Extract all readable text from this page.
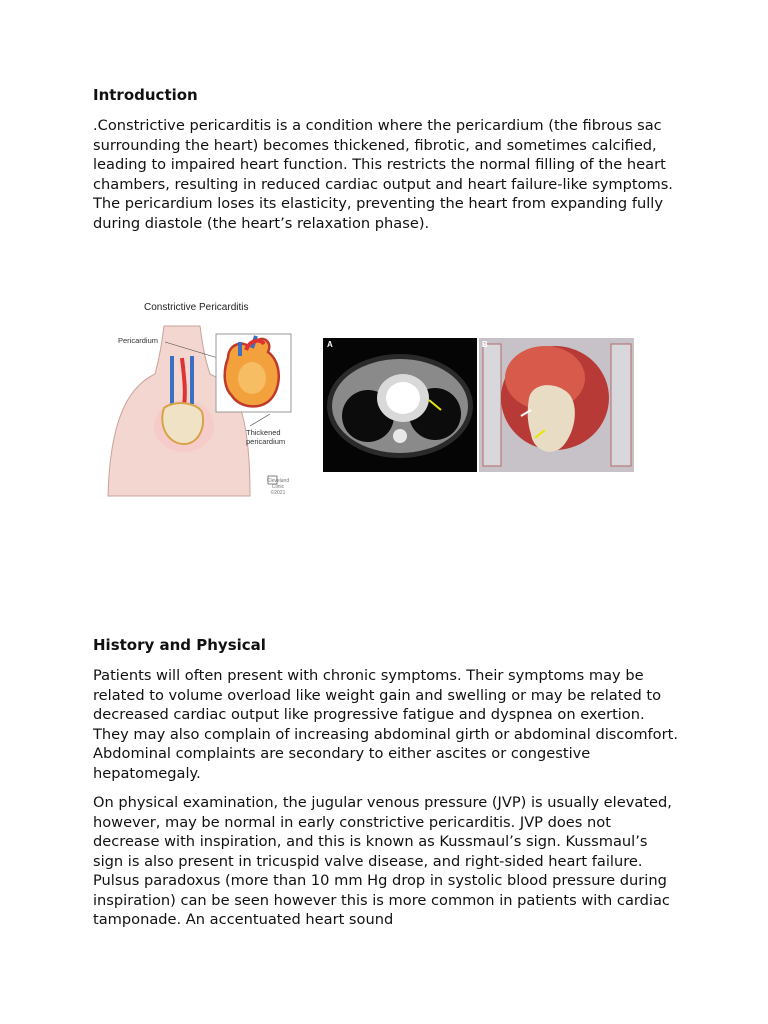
Introduction

.Constrictive pericarditis is a condition where the pericardium (the fibrous sac surrounding the heart) becomes thickened, fibrotic, and sometimes calcified, leading to impaired heart function. This restricts the normal filling of the heart chambers, resulting in reduced cardiac output and heart failure-like symptoms. The pericardium loses its elasticity, preventing the heart from expanding fully during diastole (the heart’s relaxation phase).

Constrictive Pericarditis
Pericardium
Thickened
pericardium
Cleveland
Clinic
©2021
A	B
History and Physical

Patients will often present with chronic symptoms. Their symptoms may be related to volume overload like weight gain and swelling or may be related to decreased cardiac output like progressive fatigue and dyspnea on exertion. They may also complain of increasing abdominal girth or abdominal discomfort. Abdominal complaints are secondary to either ascites or congestive hepatomegaly.

On physical examination, the jugular venous pressure (JVP) is usually elevated, however, may be normal in early constrictive pericarditis. JVP does not decrease with inspiration, and this is known as Kussmaul’s sign. Kussmaul’s sign is also present in tricuspid valve disease, and right-sided heart failure. Pulsus paradoxus (more than 10 mm Hg drop in systolic blood pressure during inspiration) can be seen however this is more common in patients with cardiac tamponade. An accentuated heart sound
